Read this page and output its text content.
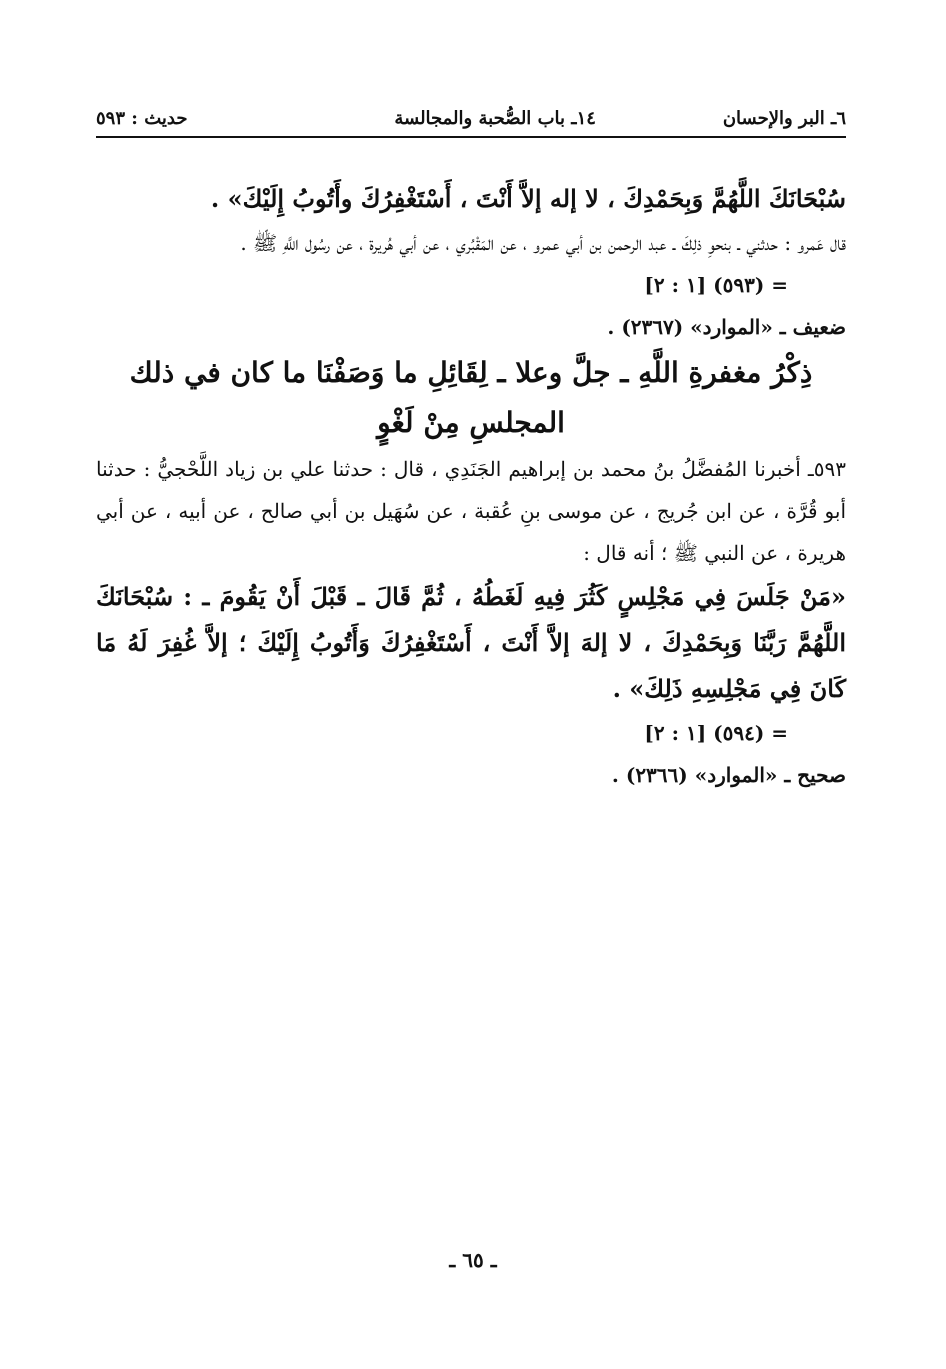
٦ـ البر والإحسان
١٤ـ باب الصُّحبة والمجالسة
حديث : ٥٩٣

سُبْحَانَكَ اللَّهُمَّ وَبِحَمْدِكَ ، لا إله إلاَّ أَنْتَ ، أَسْتَغْفِرُكَ وأَتُوبُ إِلَيْكَ» .

قال عَمرو : حدثني ـ بنحوِ ذلِكَ ـ عبد الرحمن بن أبي عمرو ، عن المَقْبُري ، عن أبي هُريرة ، عن رسُول اللَّهِ ﷺ .

= (٥٩٣) [١ : ٢]

ضعيف ـ «الموارد» (٢٣٦٧) .

ذِكْرُ مغفرةِ اللَّهِ ـ جلَّ وعلا ـ لِقَائِلِ ما وَصَفْنَا ما كان في ذلك المجلسِ مِنْ لَغْوٍ

٥٩٣ـ أخبرنا المُفضَّلُ بنُ محمد بن إبراهيم الجَنَدِي ، قال : حدثنا علي بن زياد اللَّحْجيُّ : حدثنا أبو قُرَّة ، عن ابن جُريج ، عن موسى بنِ عُقبة ، عن سُهَيل بن أبي صالح ، عن أبيه ، عن أبي هريرة ، عن النبي ﷺ ؛ أنه قال :

«مَنْ جَلَسَ فِي مَجْلِسٍ كَثُرَ فِيهِ لَغَطُهُ ، ثُمَّ قَالَ ـ قَبْلَ أَنْ يَقُومَ ـ : سُبْحَانَكَ اللَّهُمَّ رَبَّنَا وَبِحَمْدِكَ ، لا إلهَ إلاَّ أَنْتَ ، أَسْتَغْفِرُكَ وَأَتُوبُ إِلَيْكَ ؛ إلاَّ غُفِرَ لَهُ مَا كَانَ فِي مَجْلِسِهِ ذَلِكَ» .

= (٥٩٤) [١ : ٢]

صحيح ـ «الموارد» (٢٣٦٦) .

ـ ٦٥ ـ
